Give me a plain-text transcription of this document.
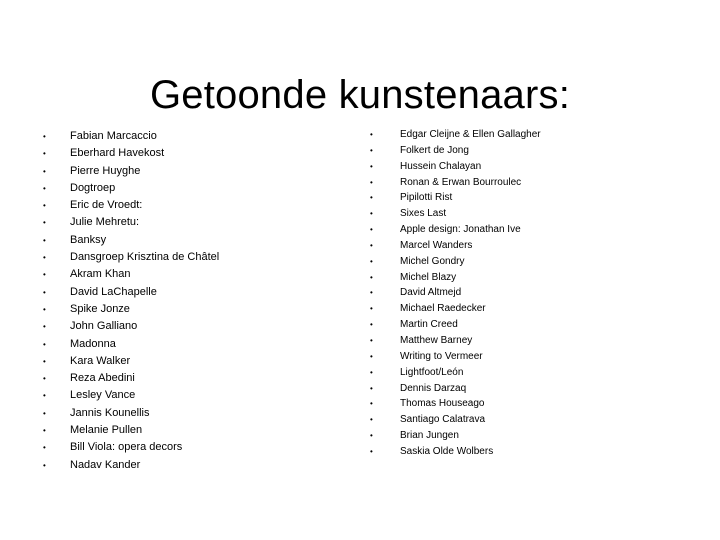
Getoonde kunstenaars:
• Fabian Marcaccio
• Eberhard Havekost
• Pierre Huyghe
• Dogtroep
• Eric de Vroedt:
• Julie Mehretu:
• Banksy
• Dansgroep Krisztina de Châtel
• Akram Khan
• David LaChapelle
• Spike Jonze
• John Galliano
• Madonna
• Kara Walker
• Reza Abedini
• Lesley Vance
• Jannis Kounellis
• Melanie Pullen
• Bill Viola: opera decors
• Nadav Kander
•	Edgar Cleijne & Ellen Gallagher
•	Folkert de Jong
•	Hussein Chalayan
•	Ronan & Erwan Bourroulec
•	Pipilotti Rist
•	Sixes Last
•	Apple design: Jonathan Ive
•	Marcel Wanders
•	Michel Gondry
•	Michel Blazy
•	David Altmejd
•	Michael Raedecker
•	Martin Creed
•	Matthew Barney
•	Writing to Vermeer
•	Lightfoot/León
•	Dennis Darzaq
•	Thomas Houseago
•	Santiago Calatrava
•	Brian Jungen
•	Saskia Olde Wolbers
